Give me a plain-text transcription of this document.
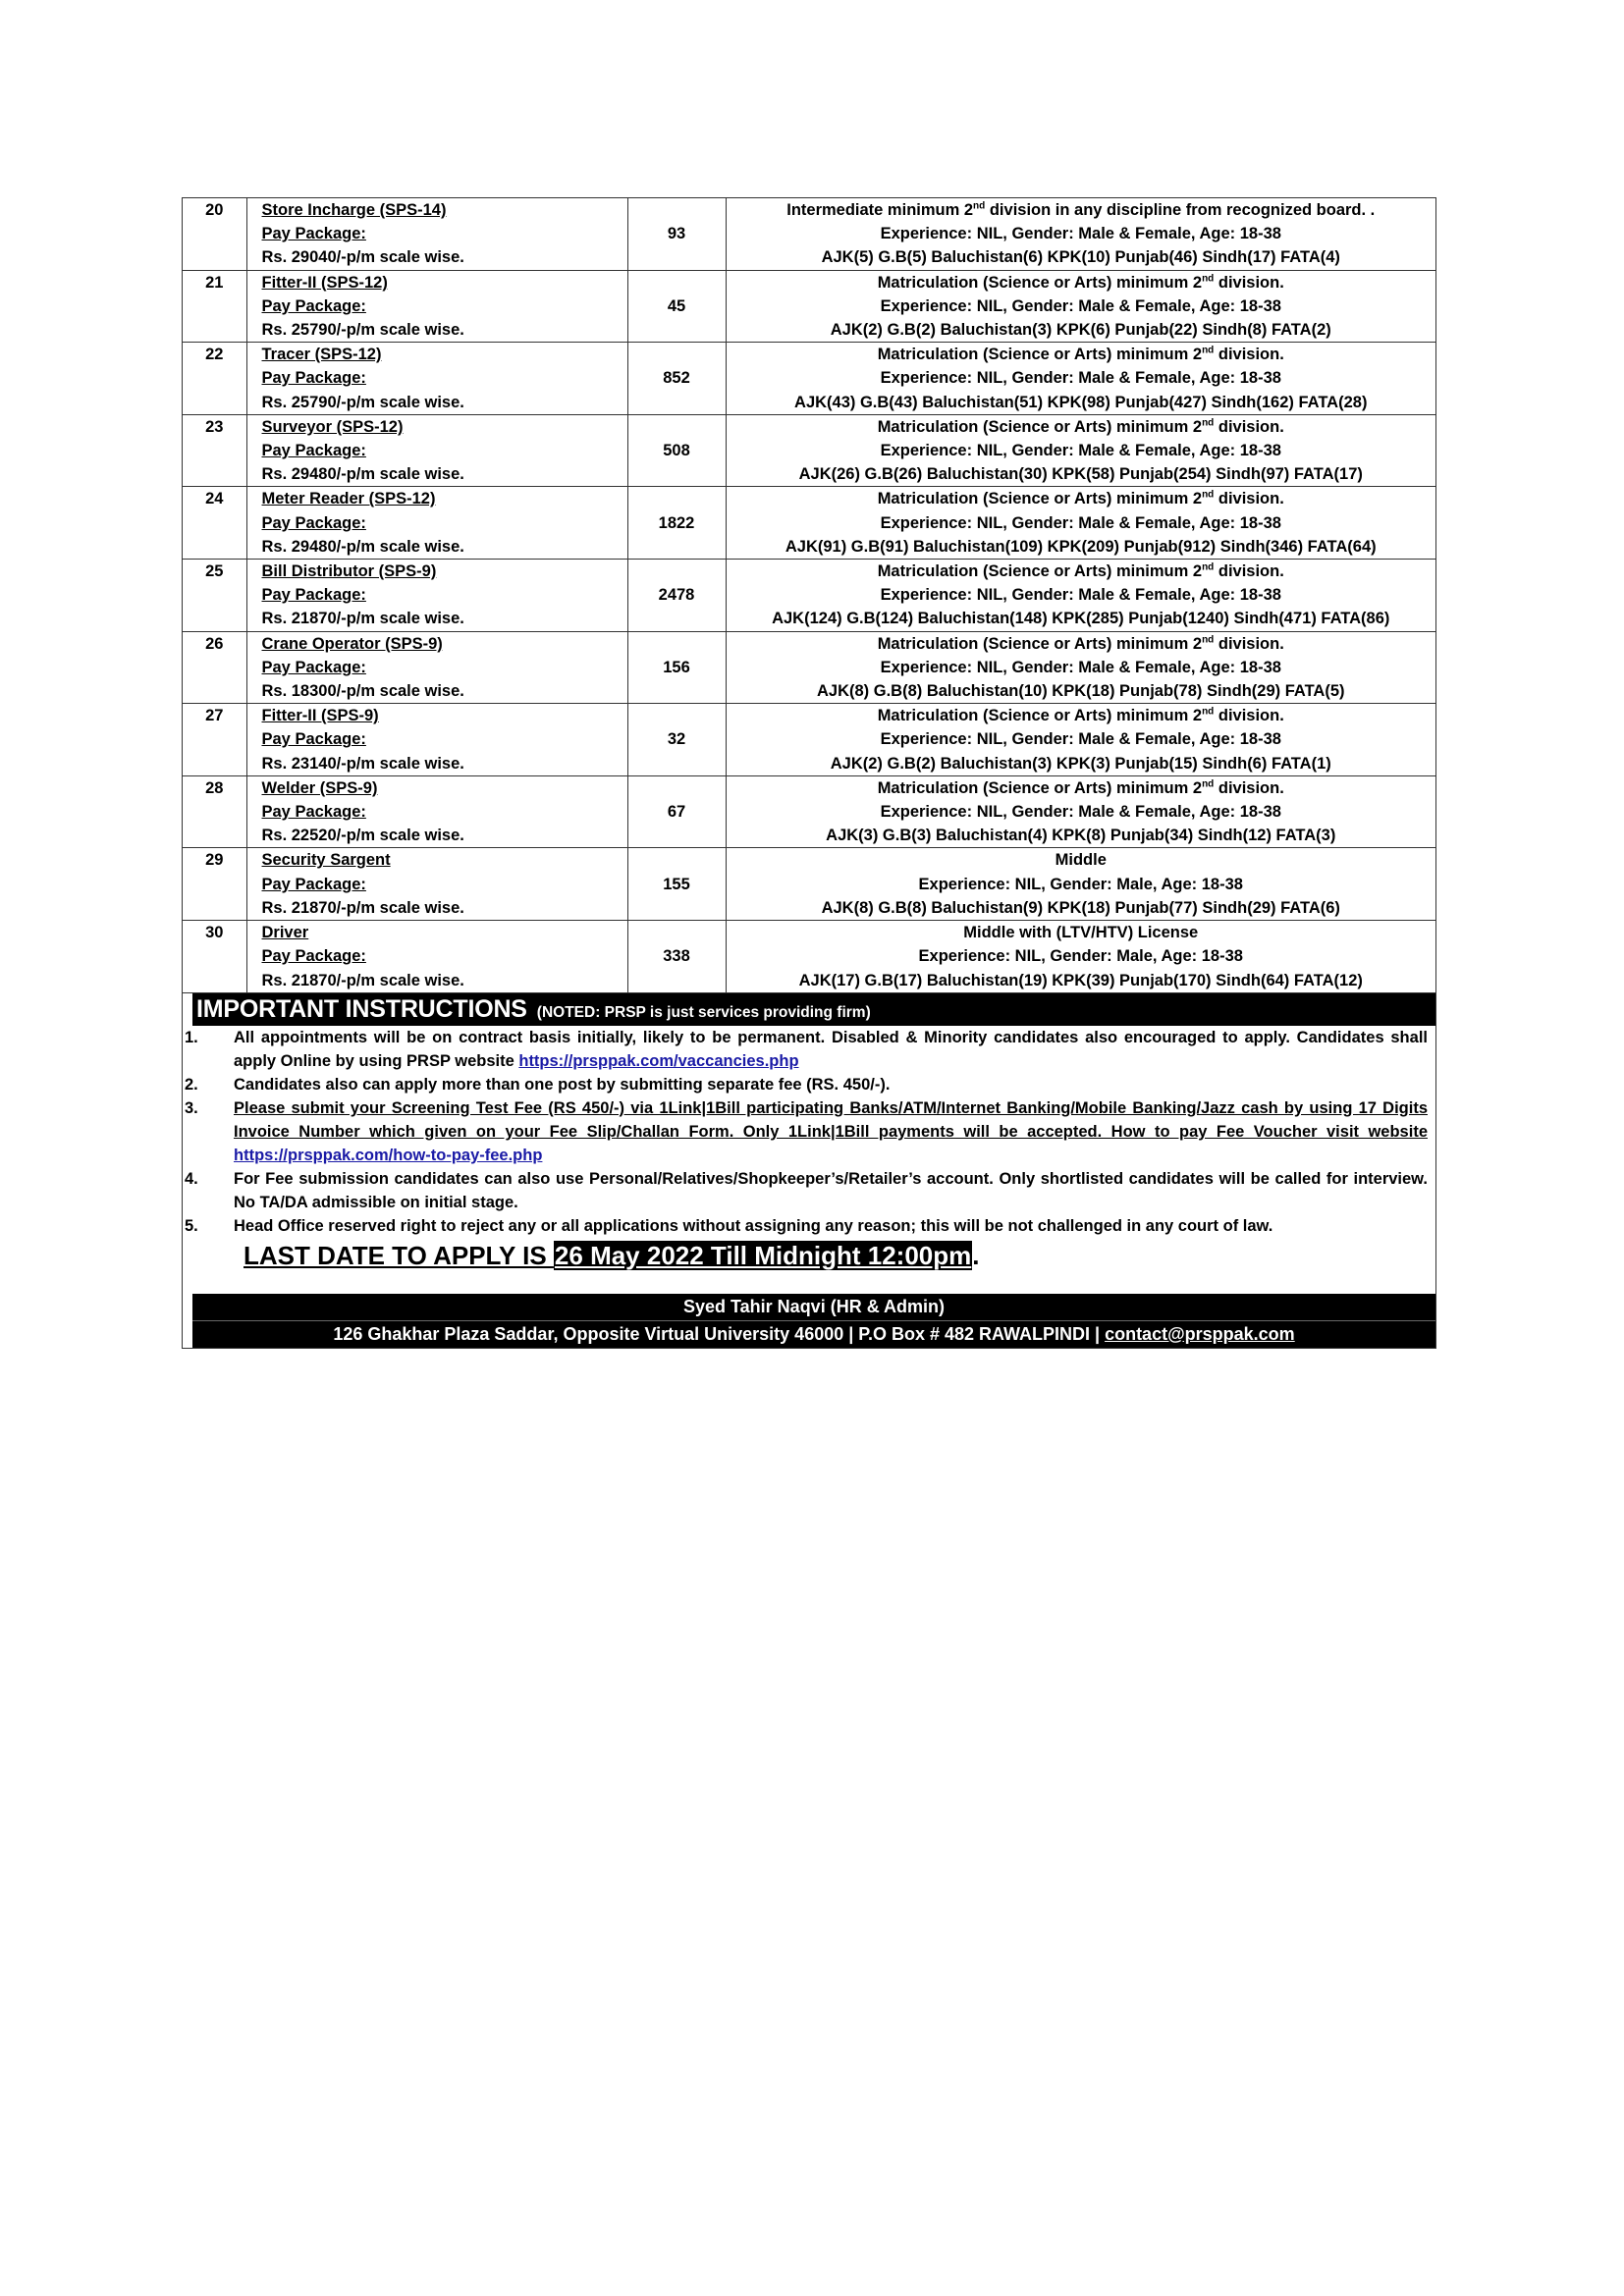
20	Store Incharge (SPS-14)
Pay Package:
Rs. 29040/-p/m scale wise.	93	Intermediate minimum 2nd division in any discipline from recognized board. .
Experience: NIL, Gender: Male & Female, Age: 18-38
AJK(5) G.B(5) Baluchistan(6) KPK(10) Punjab(46) Sindh(17) FATA(4)

21	Fitter-II (SPS-12)
Pay Package:
Rs. 25790/-p/m scale wise.	45	Matriculation (Science or Arts) minimum 2nd division.
Experience: NIL, Gender: Male & Female, Age: 18-38
AJK(2) G.B(2) Baluchistan(3) KPK(6) Punjab(22) Sindh(8) FATA(2)

22	Tracer (SPS-12)
Pay Package:
Rs. 25790/-p/m scale wise.	852	Matriculation (Science or Arts) minimum 2nd division.
Experience: NIL, Gender: Male & Female, Age: 18-38
AJK(43) G.B(43) Baluchistan(51) KPK(98) Punjab(427) Sindh(162) FATA(28)

23	Surveyor (SPS-12)
Pay Package:
Rs. 29480/-p/m scale wise.	508	Matriculation (Science or Arts) minimum 2nd division.
Experience: NIL, Gender: Male & Female, Age: 18-38
AJK(26) G.B(26) Baluchistan(30) KPK(58) Punjab(254) Sindh(97) FATA(17)

24	Meter Reader (SPS-12)
Pay Package:
Rs. 29480/-p/m scale wise.	1822	Matriculation (Science or Arts) minimum 2nd division.
Experience: NIL, Gender: Male & Female, Age: 18-38
AJK(91) G.B(91) Baluchistan(109) KPK(209) Punjab(912) Sindh(346) FATA(64)

25	Bill Distributor (SPS-9)
Pay Package:
Rs. 21870/-p/m scale wise.	2478	Matriculation (Science or Arts) minimum 2nd division.
Experience: NIL, Gender: Male & Female, Age: 18-38
AJK(124) G.B(124) Baluchistan(148) KPK(285) Punjab(1240) Sindh(471) FATA(86)

26	Crane Operator (SPS-9)
Pay Package:
Rs. 18300/-p/m scale wise.	156	Matriculation (Science or Arts) minimum 2nd division.
Experience: NIL, Gender: Male & Female, Age: 18-38
AJK(8) G.B(8) Baluchistan(10) KPK(18) Punjab(78) Sindh(29) FATA(5)

27	Fitter-II (SPS-9)
Pay Package:
Rs. 23140/-p/m scale wise.	32	Matriculation (Science or Arts) minimum 2nd division.
Experience: NIL, Gender: Male & Female, Age: 18-38
AJK(2) G.B(2) Baluchistan(3) KPK(3) Punjab(15) Sindh(6) FATA(1)

28	Welder (SPS-9)
Pay Package:
Rs. 22520/-p/m scale wise.	67	Matriculation (Science or Arts) minimum 2nd division.
Experience: NIL, Gender: Male & Female, Age: 18-38
AJK(3) G.B(3) Baluchistan(4) KPK(8) Punjab(34) Sindh(12) FATA(3)

29	Security Sargent
Pay Package:
Rs. 21870/-p/m scale wise.	155	Middle
Experience: NIL, Gender: Male, Age: 18-38
AJK(8) G.B(8) Baluchistan(9) KPK(18) Punjab(77) Sindh(29) FATA(6)

30	Driver
Pay Package:
Rs. 21870/-p/m scale wise.	338	Middle with (LTV/HTV) License
Experience: NIL, Gender: Male, Age: 18-38
AJK(17) G.B(17) Baluchistan(19) KPK(39) Punjab(170) Sindh(64) FATA(12)
IMPORTANT INSTRUCTIONS (NOTED: PRSP is just services providing firm)
1.	All appointments will be on contract basis initially, likely to be permanent. Disabled & Minority candidates also encouraged to apply. Candidates shall apply Online by using PRSP website https://prsppak.com/vaccancies.php
2.	Candidates also can apply more than one post by submitting separate fee (RS. 450/-).
3.	Please submit your Screening Test Fee (RS 450/-) via 1Link|1Bill participating Banks/ATM/Internet Banking/Mobile Banking/Jazz cash by using 17 Digits Invoice Number which given on your Fee Slip/Challan Form. Only 1Link|1Bill payments will be accepted. How to pay Fee Voucher visit website https://prsppak.com/how-to-pay-fee.php
4.	For Fee submission candidates can also use Personal/Relatives/Shopkeeper’s/Retailer’s account. Only shortlisted candidates will be called for interview. No TA/DA admissible on initial stage.
5.	Head Office reserved right to reject any or all applications without assigning any reason; this will be not challenged in any court of law.
LAST DATE TO APPLY IS 26 May 2022 Till Midnight 12:00pm.
Syed Tahir Naqvi (HR & Admin)
126 Ghakhar Plaza Saddar, Opposite Virtual University 46000 | P.O Box # 482 RAWALPINDI | contact@prsppak.com
